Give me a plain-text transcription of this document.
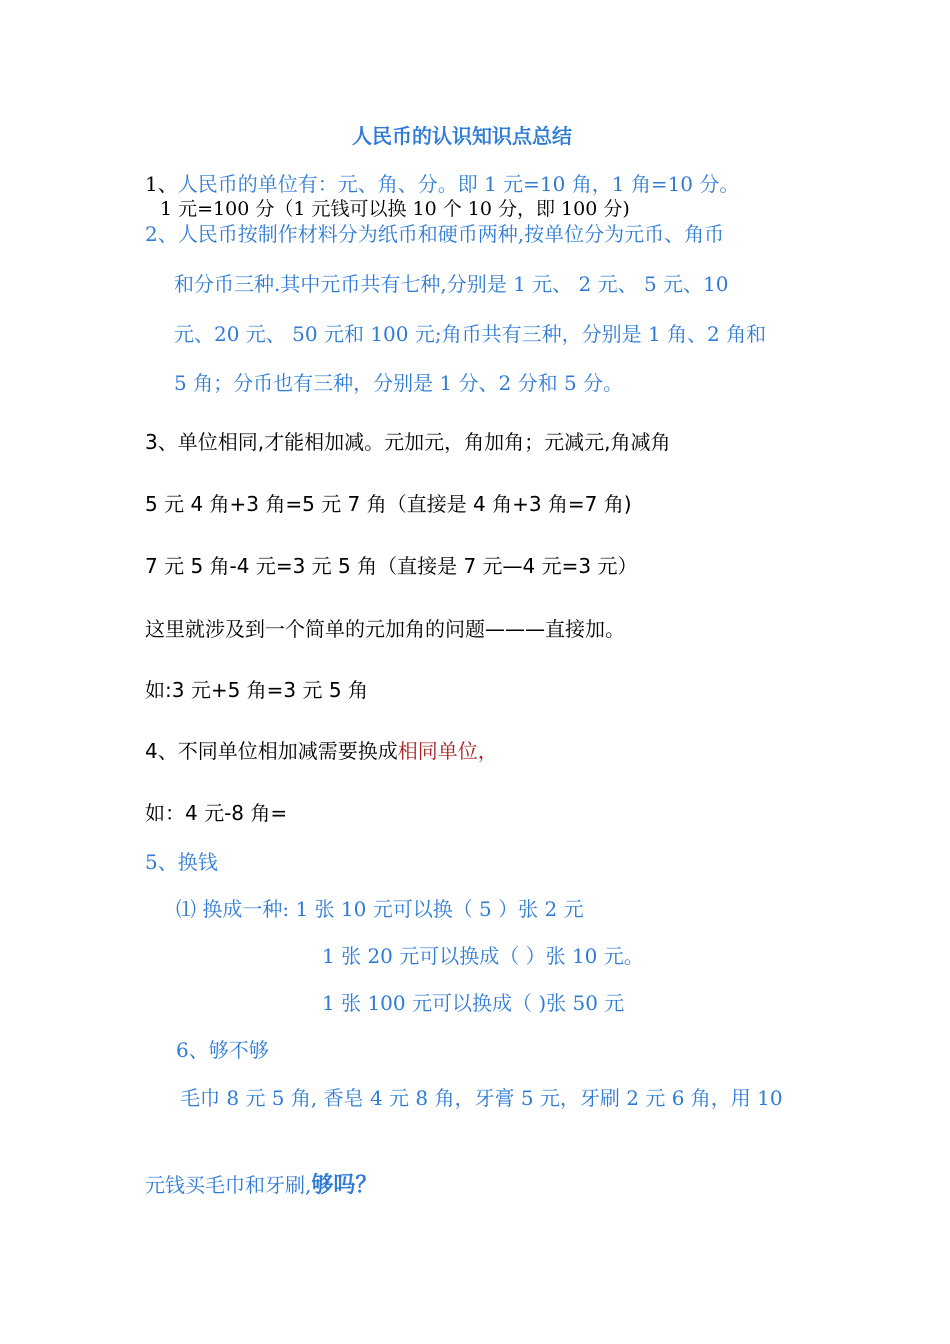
人民币的认识知识点总结
1、人民币的单位有：元、角、分。即 1 元=10 角，1 角=10 分。
1 元=100 分（1 元钱可以换 10 个 10 分，即 100 分)
2、人民币按制作材料分为纸币和硬币两种,按单位分为元币、角币
和分币三种.其中元币共有七种,分别是 1 元、 2 元、 5 元、10
元、20 元、 50 元和 100 元;角币共有三种，分别是 1 角、2 角和
5 角；分币也有三种，分别是 1 分、2 分和 5 分。
3、单位相同,才能相加减。元加元，角加角；元减元,角减角
5 元 4 角+3 角=5 元 7 角（直接是 4 角+3 角=7 角)
7 元 5 角-4 元=3 元 5 角（直接是 7 元—4 元=3 元）
这里就涉及到一个简单的元加角的问题———直接加。
如:3 元+5 角=3 元 5 角
4、不同单位相加减需要换成相同单位，
如：4 元-8 角=
5、换钱
⑴ 换成一种: 1 张 10 元可以换（ 5 ）张 2 元
1 张 20 元可以换成（ ）张 10 元。
1 张 100 元可以换成（ )张 50 元
6、够不够
毛巾 8 元 5 角, 香皂 4 元 8 角，牙膏 5 元，牙刷 2 元 6 角，用 10
元钱买毛巾和牙刷,够吗？
